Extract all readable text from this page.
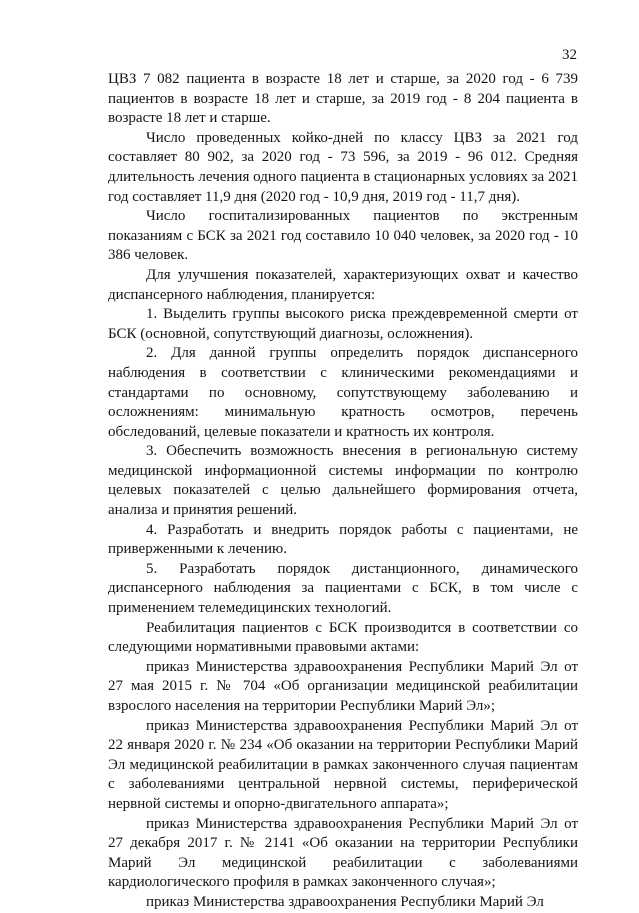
32

ЦВЗ 7 082 пациента в возрасте 18 лет и старше, за 2020 год - 6 739 пациентов в возрасте 18 лет и старше, за 2019 год - 8 204 пациента в возрасте 18 лет и старше.

Число проведенных койко-дней по классу ЦВЗ за 2021 год составляет 80 902, за 2020 год - 73 596, за 2019 - 96 012. Средняя длительность лечения одного пациента в стационарных условиях за 2021 год составляет 11,9 дня (2020 год - 10,9 дня, 2019 год - 11,7 дня).

Число госпитализированных пациентов по экстренным показаниям с БСК за 2021 год составило 10 040 человек, за 2020 год - 10 386 человек.

Для улучшения показателей, характеризующих охват и качество диспансерного наблюдения, планируется:

1. Выделить группы высокого риска преждевременной смерти от БСК (основной, сопутствующий диагнозы, осложнения).

2. Для данной группы определить порядок диспансерного наблюдения в соответствии с клиническими рекомендациями и стандартами по основному, сопутствующему заболеванию и осложнениям: минимальную кратность осмотров, перечень обследований, целевые показатели и кратность их контроля.

3. Обеспечить возможность внесения в региональную систему медицинской информационной системы информации по контролю целевых показателей с целью дальнейшего формирования отчета, анализа и принятия решений.

4. Разработать и внедрить порядок работы с пациентами, не приверженными к лечению.

5. Разработать порядок дистанционного, динамического диспансерного наблюдения за пациентами с БСК, в том числе с применением телемедицинских технологий.

Реабилитация пациентов с БСК производится в соответствии со следующими нормативными правовыми актами:

приказ Министерства здравоохранения Республики Марий Эл от 27 мая 2015 г. № 704 «Об организации медицинской реабилитации взрослого населения на территории Республики Марий Эл»;

приказ Министерства здравоохранения Республики Марий Эл от 22 января 2020 г. № 234 «Об оказании на территории Республики Марий Эл медицинской реабилитации в рамках законченного случая пациентам с заболеваниями центральной нервной системы, периферической нервной системы и опорно-двигательного аппарата»;

приказ Министерства здравоохранения Республики Марий Эл от 27 декабря 2017 г. № 2141 «Об оказании на территории Республики Марий Эл медицинской реабилитации с заболеваниями кардиологического профиля в рамках законченного случая»;

приказ Министерства здравоохранения Республики Марий Эл
